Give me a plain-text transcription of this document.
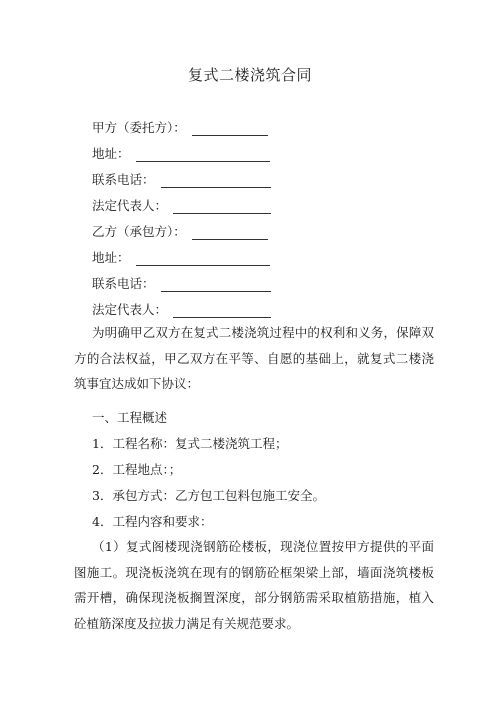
复式二楼浇筑合同
甲方（委托方）：
地址：
联系电话：
法定代表人：
乙方（承包方）：
地址：
联系电话：
法定代表人：
为明确甲乙双方在复式二楼浇筑过程中的权利和义务，保障双方的合法权益，甲乙双方在平等、自愿的基础上，就复式二楼浇筑事宜达成如下协议：
一、工程概述
1．工程名称：复式二楼浇筑工程；
2．工程地点：；
3．承包方式：乙方包工包料包施工安全。
4．工程内容和要求：
（1）复式阁楼现浇钢筋砼楼板，现浇位置按甲方提供的平面图施工。现浇板浇筑在现有的钢筋砼框架梁上部，墙面浇筑楼板需开槽，确保现浇板搁置深度，部分钢筋需采取植筋措施，植入砼植筋深度及拉拔力满足有关规范要求。
